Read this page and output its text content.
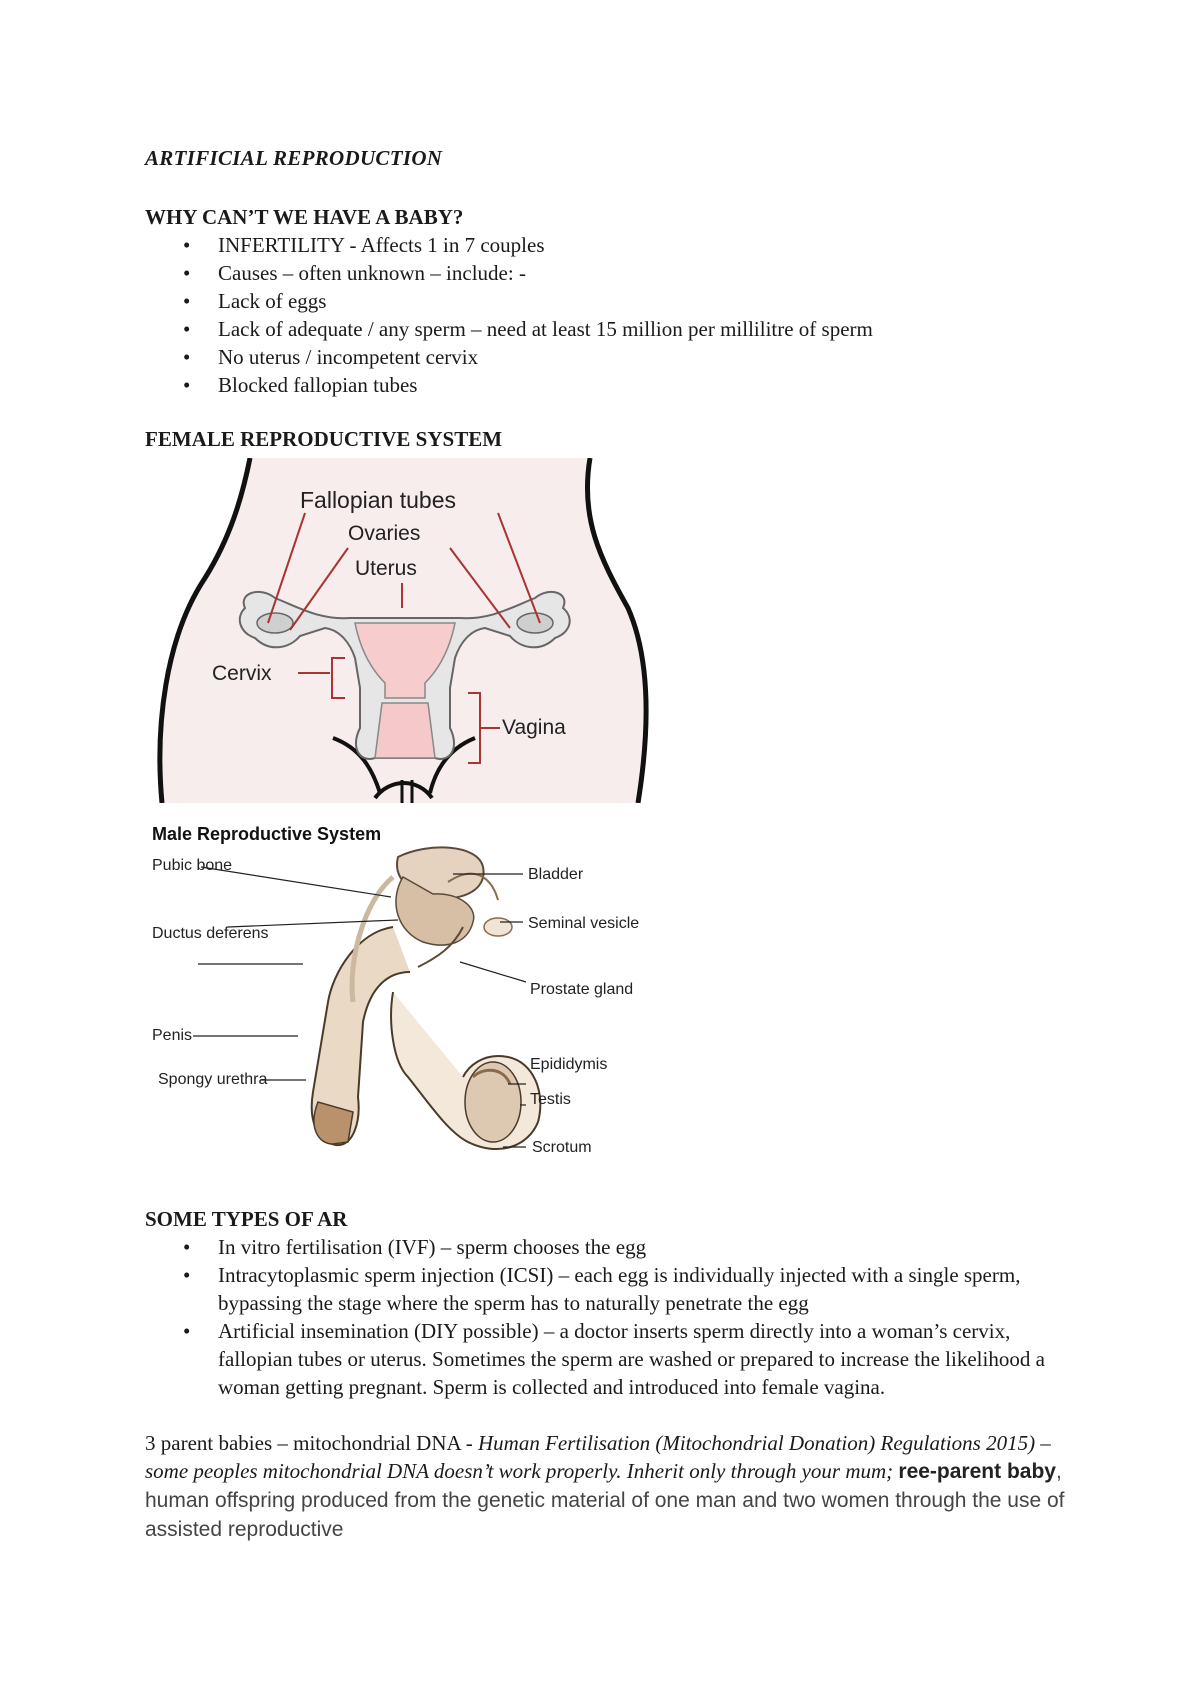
ARTIFICIAL REPRODUCTION
WHY CAN’T WE HAVE A BABY?
• INFERTILITY - Affects 1 in 7 couples
• Causes – often unknown – include: -
• Lack of eggs
• Lack of adequate / any sperm – need at least 15 million per millilitre of sperm
• No uterus / incompetent cervix
• Blocked fallopian tubes
FEMALE REPRODUCTIVE SYSTEM
Fallopian tubes
Ovaries
Uterus
Cervix
Vagina
Male Reproductive System
Pubic bone
Ductus deferens
Penis
Spongy urethra
Bladder
Seminal vesicle
Prostate gland
Epididymis
Testis
Scrotum
SOME TYPES OF AR
• In vitro fertilisation (IVF) – sperm chooses the egg
• Intracytoplasmic sperm injection (ICSI) – each egg is individually injected with a single sperm, bypassing the stage where the sperm has to naturally penetrate the egg
• Artificial insemination (DIY possible) – a doctor inserts sperm directly into a woman’s cervix, fallopian tubes or uterus. Sometimes the sperm are washed or prepared to increase the likelihood a woman getting pregnant. Sperm is collected and introduced into female vagina.
3 parent babies – mitochondrial DNA - Human Fertilisation (Mitochondrial Donation) Regulations 2015) – some peoples mitochondrial DNA doesn’t work properly. Inherit only through your mum; ree-parent baby, human offspring produced from the genetic material of one man and two women through the use of assisted reproductive
